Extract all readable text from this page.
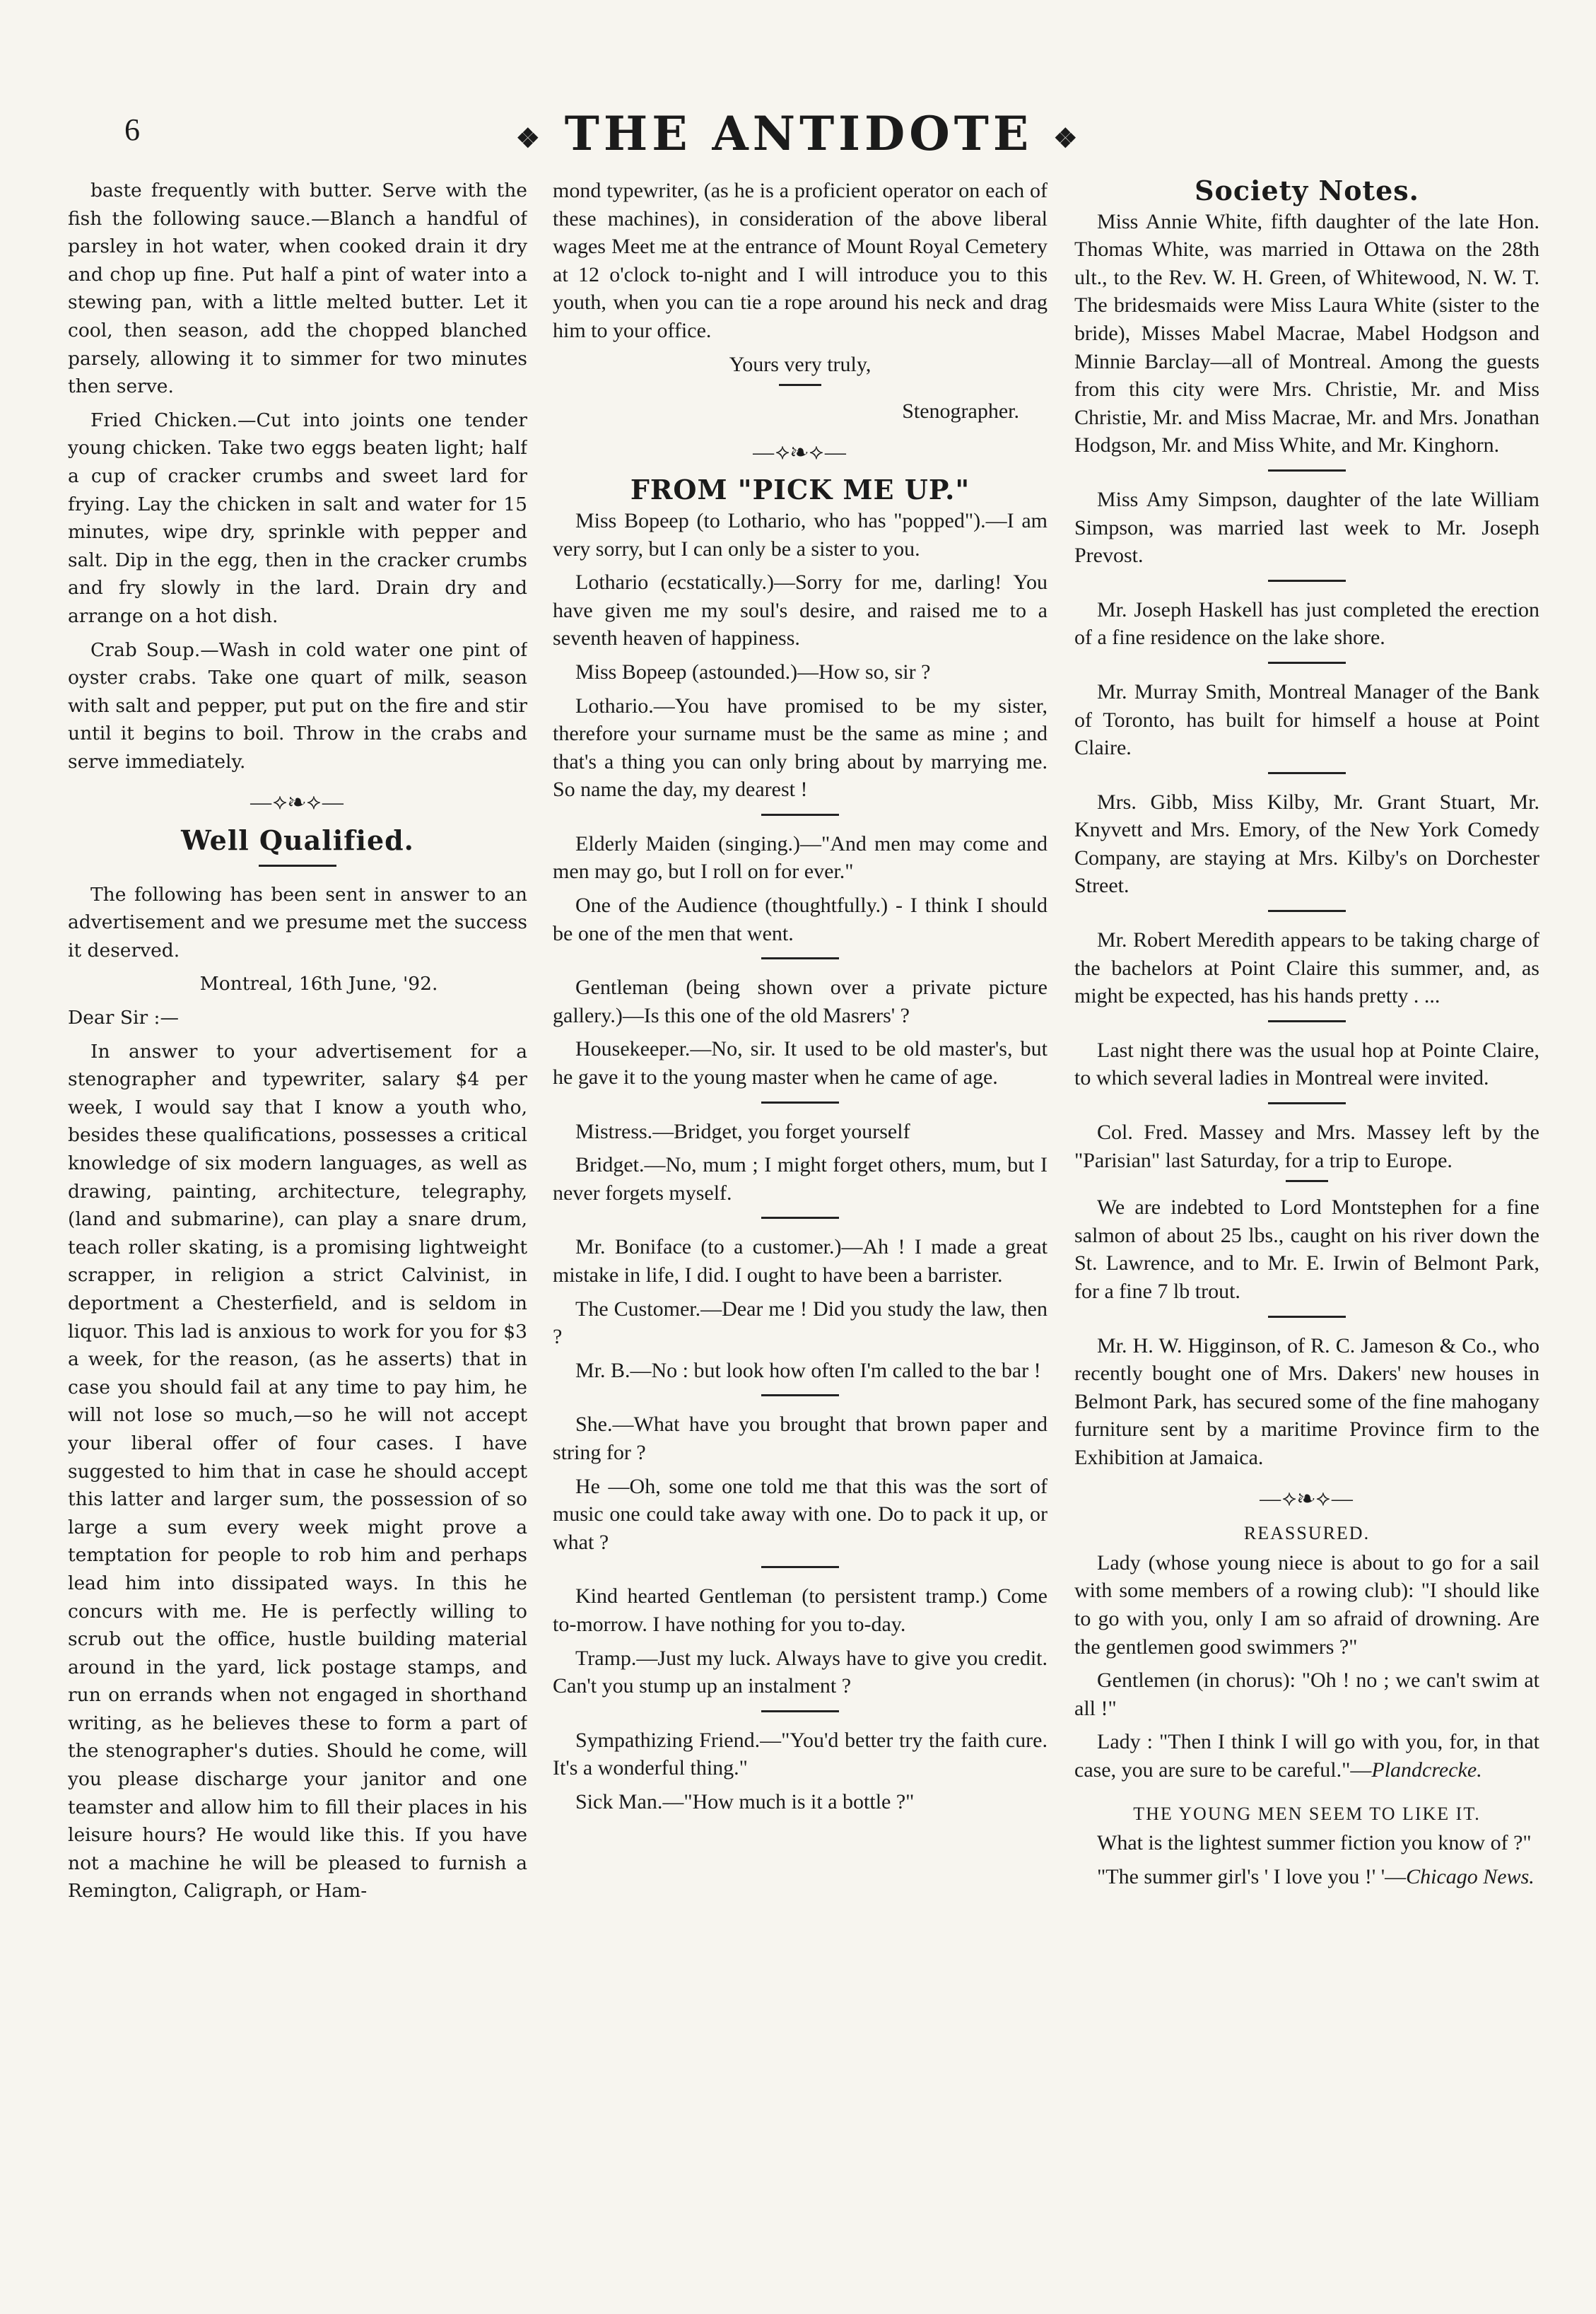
6	❖ THE ANTIDOTE ❖

baste frequently with butter. Serve with the fish the following sauce.—Blanch a handful of parsley in hot water, when cooked drain it dry and chop up fine. Put half a pint of water into a stewing pan, with a little melted butter. Let it cool, then season, add the chopped blanched parsely, allowing it to simmer for two minutes then serve.

Fried Chicken.—Cut into joints one tender young chicken. Take two eggs beaten light; half a cup of cracker crumbs and sweet lard for frying. Lay the chicken in salt and water for 15 minutes, wipe dry, sprinkle with pepper and salt. Dip in the egg, then in the cracker crumbs and fry slowly in the lard. Drain dry and arrange on a hot dish.

Crab Soup.—Wash in cold water one pint of oyster crabs. Take one quart of milk, season with salt and pepper, put put on the fire and stir until it begins to boil. Throw in the crabs and serve immediately.

—⟡❧⟡—
Well Qualified.

The following has been sent in answer to an advertisement and we presume met the success it deserved.

Montreal, 16th June, '92.

Dear Sir :—

In answer to your advertisement for a stenographer and typewriter, salary $4 per week, I would say that I know a youth who, besides these qualifications, possesses a critical knowledge of six modern languages, as well as drawing, painting, architecture, telegraphy, (land and submarine), can play a snare drum, teach roller skating, is a promising lightweight scrapper, in religion a strict Calvinist, in deportment a Chesterfield, and is seldom in liquor. This lad is anxious to work for you for $3 a week, for the reason, (as he asserts) that in case you should fail at any time to pay him, he will not lose so much,—so he will not accept your liberal offer of four cases. I have suggested to him that in case he should accept this latter and larger sum, the possession of so large a sum every week might prove a temptation for people to rob him and perhaps lead him into dissipated ways. In this he concurs with me. He is perfectly willing to scrub out the office, hustle building material around in the yard, lick postage stamps, and run on errands when not engaged in shorthand writing, as he believes these to form a part of the stenographer's duties. Should he come, will you please discharge your janitor and one teamster and allow him to fill their places in his leisure hours? He would like this. If you have not a machine he will be pleased to furnish a Remington, Caligraph, or Ham-

mond typewriter, (as he is a proficient operator on each of these machines), in consideration of the above liberal wages Meet me at the entrance of Mount Royal Cemetery at 12 o'clock to-night and I will introduce you to this youth, when you can tie a rope around his neck and drag him to your office.

Yours very truly,

Stenographer.

—⟡❧⟡—
FROM "PICK ME UP."

Miss Bopeep (to Lothario, who has "popped").—I am very sorry, but I can only be a sister to you.

Lothario (ecstatically.)—Sorry for me, darling! You have given me my soul's desire, and raised me to a seventh heaven of happiness.

Miss Bopeep (astounded.)—How so, sir ?

Lothario.—You have promised to be my sister, therefore your surname must be the same as mine ; and that's a thing you can only bring about by marrying me. So name the day, my dearest !

Elderly Maiden (singing.)—"And men may come and men may go, but I roll on for ever."

One of the Audience (thoughtfully.) - I think I should be one of the men that went.

Gentleman (being shown over a private picture gallery.)—Is this one of the old Masrers' ?

Housekeeper.—No, sir. It used to be old master's, but he gave it to the young master when he came of age.

Mistress.—Bridget, you forget yourself

Bridget.—No, mum ; I might forget others, mum, but I never forgets myself.

Mr. Boniface (to a customer.)—Ah ! I made a great mistake in life, I did. I ought to have been a barrister.

The Customer.—Dear me ! Did you study the law, then ?

Mr. B.—No : but look how often I'm called to the bar !

She.—What have you brought that brown paper and string for ?

He —Oh, some one told me that this was the sort of music one could take away with one. Do to pack it up, or what ?

Kind hearted Gentleman (to persistent tramp.) Come to-morrow. I have nothing for you to-day.

Tramp.—Just my luck. Always have to give you credit. Can't you stump up an instalment ?

Sympathizing Friend.—"You'd better try the faith cure. It's a wonderful thing."

Sick Man.—"How much is it a bottle ?"

Society Notes.

Miss Annie White, fifth daughter of the late Hon. Thomas White, was married in Ottawa on the 28th ult., to the Rev. W. H. Green, of Whitewood, N. W. T. The bridesmaids were Miss Laura White (sister to the bride), Misses Mabel Macrae, Mabel Hodgson and Minnie Barclay—all of Montreal. Among the guests from this city were Mrs. Christie, Mr. and Miss Christie, Mr. and Miss Macrae, Mr. and Mrs. Jonathan Hodgson, Mr. and Miss White, and Mr. Kinghorn.

Miss Amy Simpson, daughter of the late William Simpson, was married last week to Mr. Joseph Prevost.

Mr. Joseph Haskell has just completed the erection of a fine residence on the lake shore.

Mr. Murray Smith, Montreal Manager of the Bank of Toronto, has built for himself a house at Point Claire.

Mrs. Gibb, Miss Kilby, Mr. Grant Stuart, Mr. Knyvett and Mrs. Emory, of the New York Comedy Company, are staying at Mrs. Kilby's on Dorchester Street.

Mr. Robert Meredith appears to be taking charge of the bachelors at Point Claire this summer, and, as might be expected, has his hands pretty . ...

Last night there was the usual hop at Pointe Claire, to which several ladies in Montreal were invited.

Col. Fred. Massey and Mrs. Massey left by the "Parisian" last Saturday, for a trip to Europe.

We are indebted to Lord Montstephen for a fine salmon of about 25 lbs., caught on his river down the St. Lawrence, and to Mr. E. Irwin of Belmont Park, for a fine 7 lb trout.

Mr. H. W. Higginson, of R. C. Jameson & Co., who recently bought one of Mrs. Dakers' new houses in Belmont Park, has secured some of the fine mahogany furniture sent by a maritime Province firm to the Exhibition at Jamaica.

—⟡❧⟡—
REASSURED.

Lady (whose young niece is about to go for a sail with some members of a rowing club): "I should like to go with you, only I am so afraid of drowning. Are the gentlemen good swimmers ?"

Gentlemen (in chorus): "Oh ! no ; we can't swim at all !"

Lady : "Then I think I will go with you, for, in that case, you are sure to be careful."—Plandcrecke.

THE YOUNG MEN SEEM TO LIKE IT.

What is the lightest summer fiction you know of ?"

"The summer girl's ' I love you !' '—Chicago News.
